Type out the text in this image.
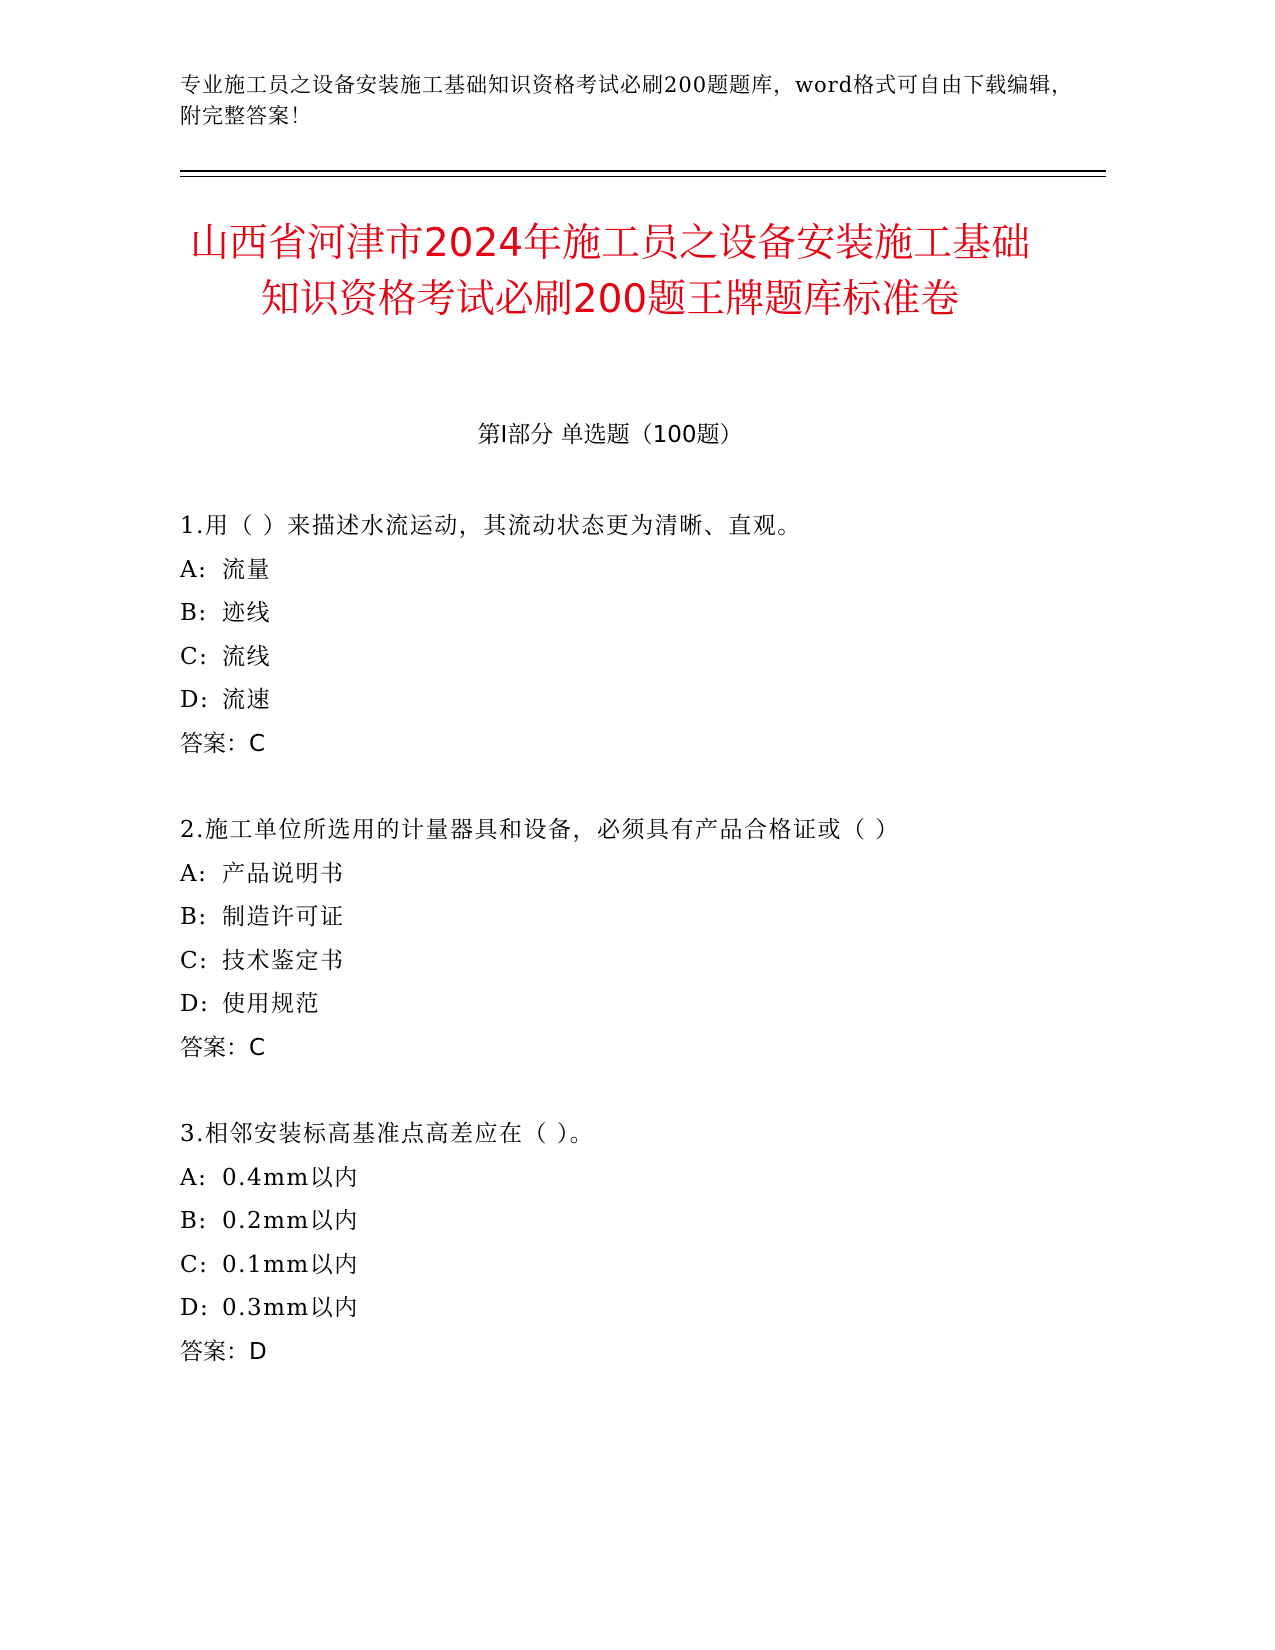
专业施工员之设备安装施工基础知识资格考试必刷200题题库，word格式可自由下载编辑，附完整答案！
山西省河津市2024年施工员之设备安装施工基础知识资格考试必刷200题王牌题库标准卷
第I部分 单选题（100题）
1.用（ ）来描述水流运动，其流动状态更为清晰、直观。
A: 流量
B: 迹线
C: 流线
D: 流速
答案：C
2.施工单位所选用的计量器具和设备，必须具有产品合格证或（ ）
A: 产品说明书
B: 制造许可证
C: 技术鉴定书
D: 使用规范
答案：C
3.相邻安装标高基准点高差应在（ ）。
A: 0.4mm以内
B: 0.2mm以内
C: 0.1mm以内
D: 0.3mm以内
答案：D
